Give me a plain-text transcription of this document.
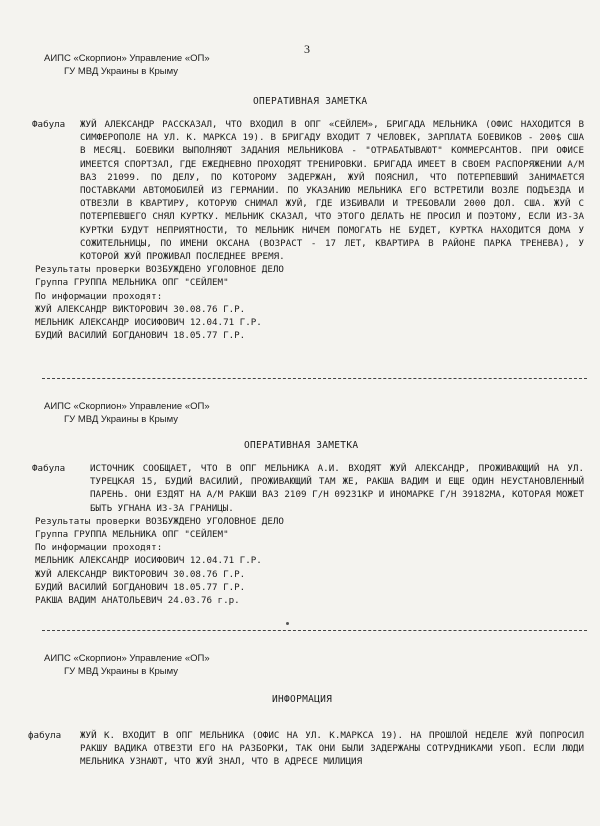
3
АИПС «Скорпион» Управление «ОП»
ГУ МВД Украины в Крыму
ОПЕРАТИВНАЯ ЗАМЕТКА
Фабула ЖУЙ АЛЕКСАНДР РАССКАЗАЛ, ЧТО ВХОДИЛ В ОПГ «СЕЙЛЕМ», БРИГАДА МЕЛЬНИКА (ОФИС НАХОДИТСЯ В СИМФЕРОПОЛЕ НА УЛ. К. МАРКСА 19). В БРИГАДУ ВХОДИТ 7 ЧЕЛОВЕК, ЗАРПЛАТА БОЕВИКОВ - 200$ США В МЕСЯЦ. БОЕВИКИ ВЫПОЛНЯЮТ ЗАДАНИЯ МЕЛЬНИКОВА - "ОТРАБАТЫВАЮТ" КОММЕРСАНТОВ. ПРИ ОФИСЕ ИМЕЕТСЯ СПОРТЗАЛ, ГДЕ ЕЖЕДНЕВНО ПРОХОДЯТ ТРЕНИРОВКИ. БРИГАДА ИМЕЕТ В СВОЕМ РАСПОРЯЖЕНИИ А/М ВАЗ 21099. ПО ДЕЛУ, ПО КОТОРОМУ ЗАДЕРЖАН, ЖУЙ ПОЯСНИЛ, ЧТО ПОТЕРПЕВШИЙ ЗАНИМАЕТСЯ ПОСТАВКАМИ АВТОМОБИЛЕЙ ИЗ ГЕРМАНИИ. ПО УКАЗАНИЮ МЕЛЬНИКА ЕГО ВСТРЕТИЛИ ВОЗЛЕ ПОДЪЕЗДА И ОТВЕЗЛИ В КВАРТИРУ, КОТОРУЮ СНИМАЛ ЖУЙ, ГДЕ ИЗБИВАЛИ И ТРЕБОВАЛИ 2000 ДОЛ. США. ЖУЙ С ПОТЕРПЕВШЕГО СНЯЛ КУРТКУ. МЕЛЬНИК СКАЗАЛ, ЧТО ЭТОГО ДЕЛАТЬ НЕ ПРОСИЛ И ПОЭТОМУ, ЕСЛИ ИЗ-ЗА КУРТКИ БУДУТ НЕПРИЯТНОСТИ, ТО МЕЛЬНИК НИЧЕМ ПОМОГАТЬ НЕ БУДЕТ, КУРТКА НАХОДИТСЯ ДОМА У СОЖИТЕЛЬНИЦЫ, ПО ИМЕНИ ОКСАНА (ВОЗРАСТ - 17 ЛЕТ, КВАРТИРА В РАЙОНЕ ПАРКА ТРЕНЕВА), У КОТОРОЙ ЖУЙ ПРОЖИВАЛ ПОСЛЕДНЕЕ ВРЕМЯ.
Результаты проверки ВОЗБУЖДЕНО УГОЛОВНОЕ ДЕЛО
Группа ГРУППА МЕЛЬНИКА ОПГ "СЕЙЛЕМ"
По информации проходят:
ЖУЙ АЛЕКСАНДР ВИКТОРОВИЧ 30.08.76 Г.Р.
МЕЛЬНИК АЛЕКСАНДР ИОСИФОВИЧ 12.04.71 Г.Р.
БУДИЙ ВАСИЛИЙ БОГДАНОВИЧ 18.05.77 Г.Р.
АИПС «Скорпион» Управление «ОП»
ГУ МВД Украины в Крыму
ОПЕРАТИВНАЯ ЗАМЕТКА
Фабула	ИСТОЧНИК СООБЩАЕТ, ЧТО В ОПГ МЕЛЬНИКА А.И. ВХОДЯТ ЖУЙ АЛЕКСАНДР, ПРОЖИВАЮЩИЙ НА УЛ. ТУРЕЦКАЯ 15, БУДИЙ ВАСИЛИЙ, ПРОЖИВАЮЩИЙ ТАМ ЖЕ, РАКША ВАДИМ И ЕЩЕ ОДИН НЕУСТАНОВЛЕННЫЙ ПАРЕНЬ. ОНИ ЕЗДЯТ НА А/М РАКШИ ВАЗ 2109 Г/Н 09231КР И ИНОМАРКЕ Г/Н 39182МА, КОТОРАЯ МОЖЕТ БЫТЬ УГНАНА ИЗ-ЗА ГРАНИЦЫ.
Результаты проверки ВОЗБУЖДЕНО УГОЛОВНОЕ ДЕЛО
Группа ГРУППА МЕЛЬНИКА ОПГ "СЕЙЛЕМ"
По информации проходят:
МЕЛЬНИК АЛЕКСАНДР ИОСИФОВИЧ 12.04.71 Г.Р.
ЖУЙ АЛЕКСАНДР ВИКТОРОВИЧ 30.08.76 Г.Р.
БУДИЙ ВАСИЛИЙ БОГДАНОВИЧ 18.05.77 Г.Р.
РАКША ВАДИМ АНАТОЛЬЕВИЧ 24.03.76 г.р.
АИПС «Скорпион» Управление «ОП»
ГУ МВД Украины в Крыму
ИНФОРМАЦИЯ
фабула ЖУЙ К. ВХОДИТ В ОПГ МЕЛЬНИКА (ОФИС НА УЛ. К.МАРКСА 19). НА ПРОШЛОЙ НЕДЕЛЕ ЖУЙ ПОПРОСИЛ РАКШУ ВАДИКА ОТВЕЗТИ ЕГО НА РАЗБОРКИ, ТАК ОНИ БЫЛИ ЗАДЕРЖАНЫ СОТРУДНИКАМИ УБОП. ЕСЛИ ЛЮДИ МЕЛЬНИКА УЗНАЮТ, ЧТО ЖУЙ ЗНАЛ, ЧТО В АДРЕСЕ МИЛИЦИЯ
